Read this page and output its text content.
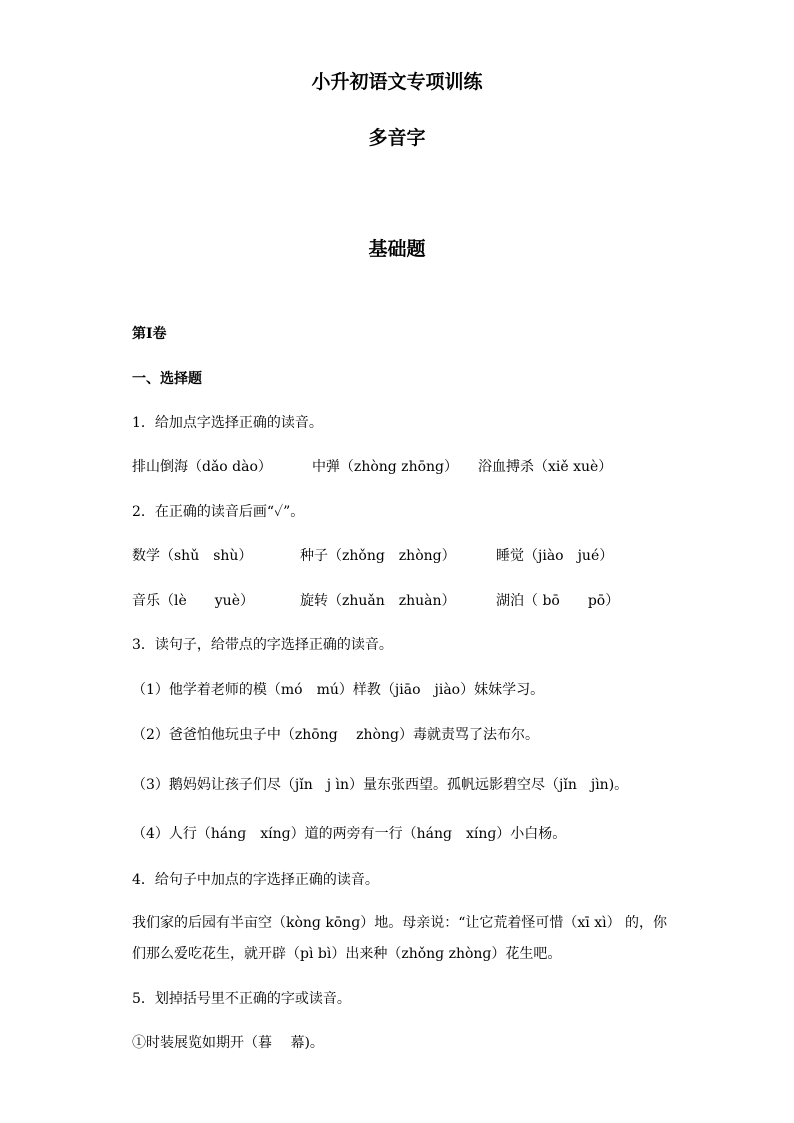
小升初语文专项训练
多音字
基础题

第I卷

一、选择题

1．给加点字选择正确的读音。

排山倒海（dǎo dào）	中弹（zhòng zhōng） 浴血搏杀（xiě xuè）

2．在正确的读音后画“✓”。

数学（shǔ　shù）	种子（zhǒng　zhòng）	睡觉（jiào　jué）
音乐（lè　　yuè）	旋转（zhuǎn　zhuàn）	湖泊（ bō　　pō）

3．读句子，给带点的字选择正确的读音。

（1）他学着老师的模（mó　mú）样教（jiāo　jiào）妹妹学习。

（2）爸爸怕他玩虫子中（zhōng　 zhòng）毒就责骂了法布尔。

（3）鹅妈妈让孩子们尽（jǐn　j ìn）量东张西望。孤帆远影碧空尽（jǐn　jìn)。

（4）人行（hánɡ　xínɡ）道的两旁有一行（hánɡ　xínɡ）小白杨。

4．给句子中加点的字选择正确的读音。

我们家的后园有半亩空（kònɡ kōnɡ）地。母亲说：“让它荒着怪可惜（xī xì） 的，你

们那么爱吃花生，就开辟（pì bì）出来种（zhǒnɡ zhònɡ）花生吧。

5．划掉括号里不正确的字或读音。

①时装展览如期开（暮　 幕)。
